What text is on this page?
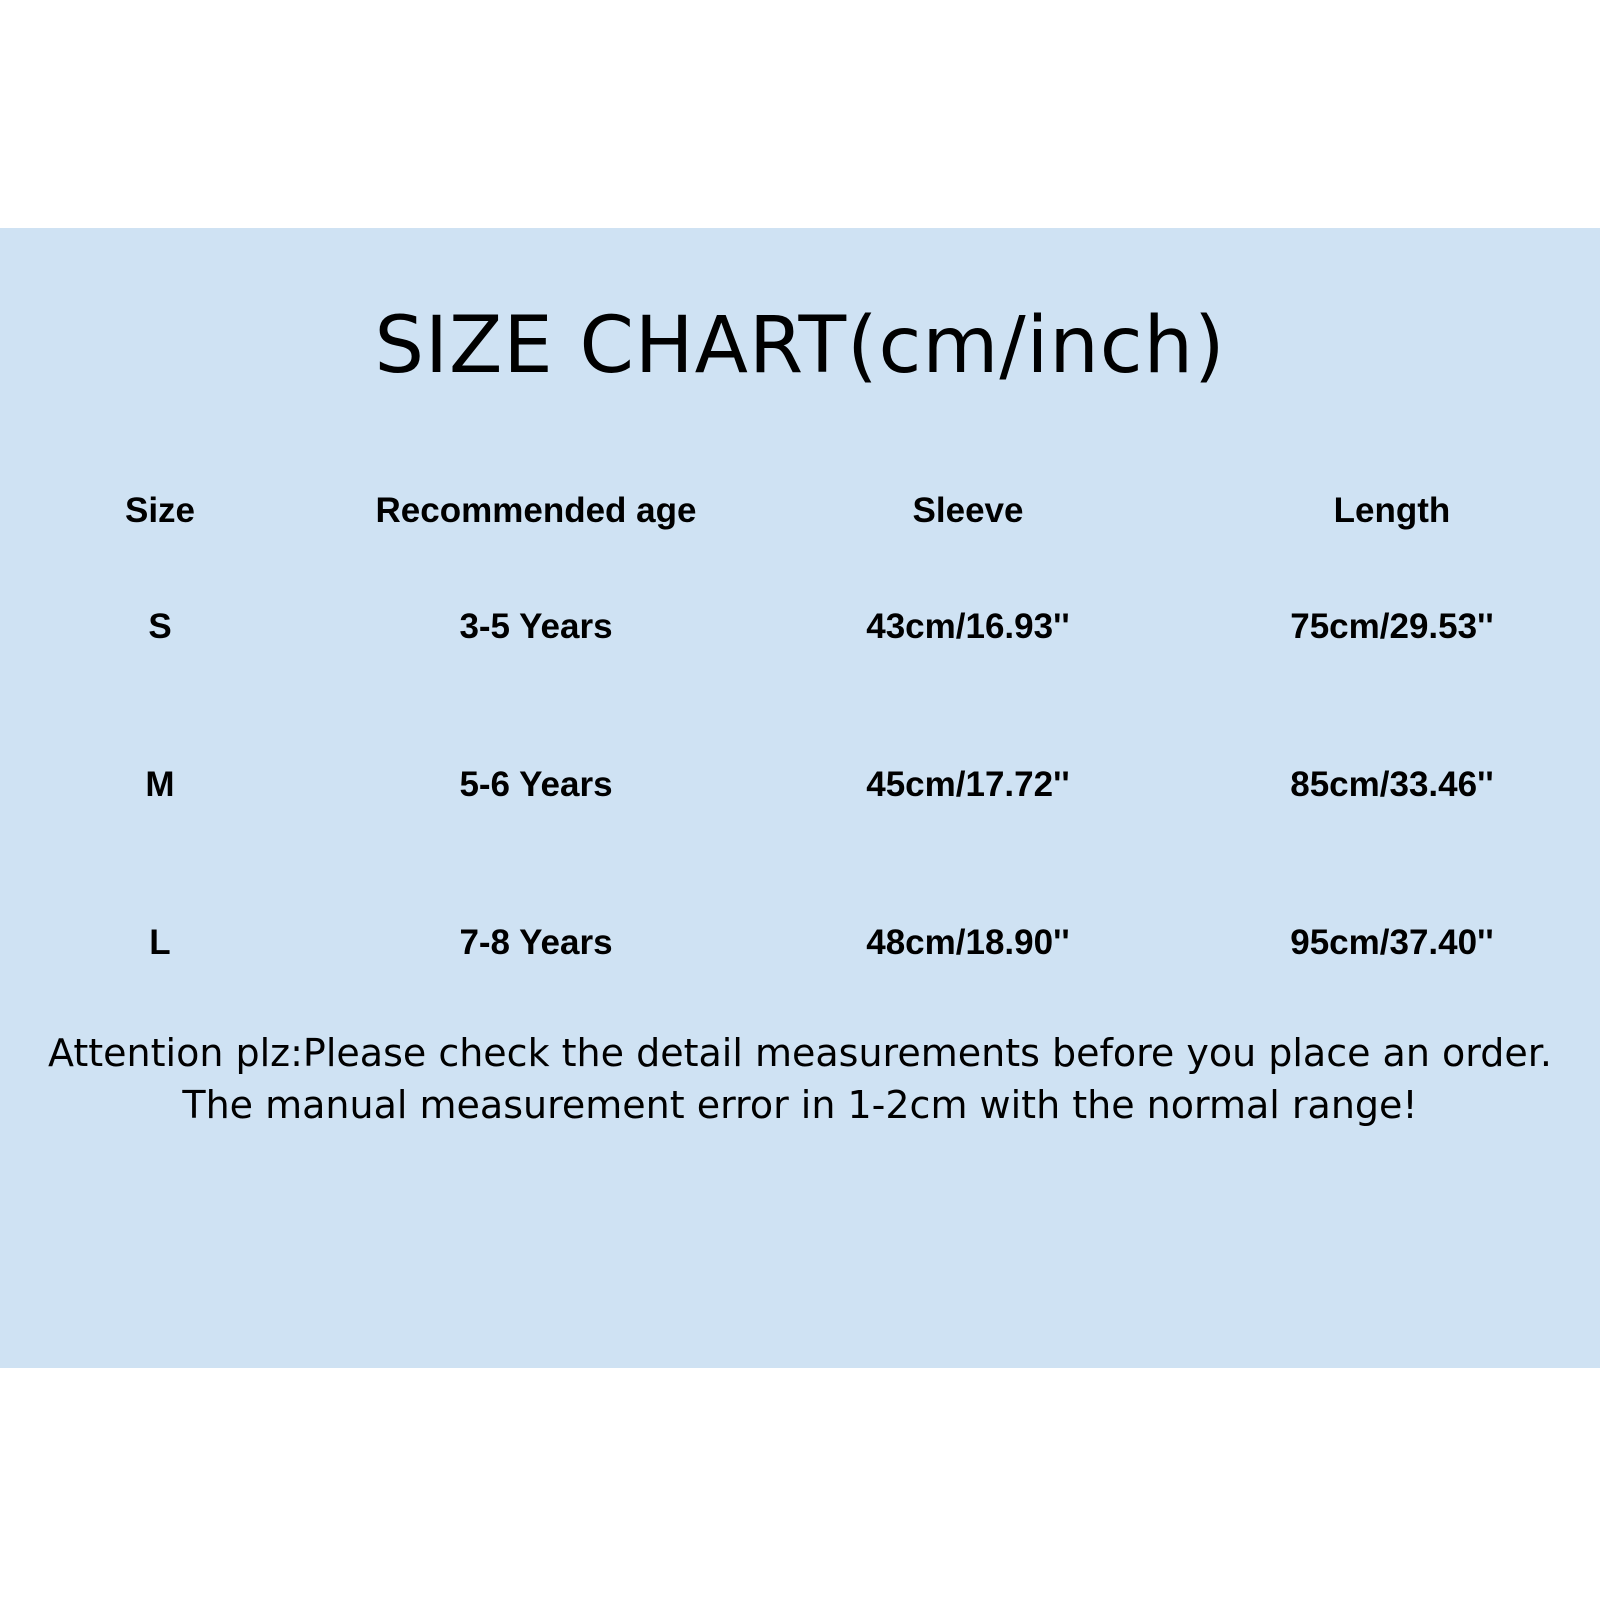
SIZE CHART(cm/inch)
Size	Recommended age	Sleeve	Length
S	3-5 Years	43cm/16.93''	75cm/29.53''
M	5-6 Years	45cm/17.72''	85cm/33.46''
L	7-8 Years	48cm/18.90''	95cm/37.40''

Attention plz:Please check the detail measurements before you place an order.
The manual measurement error in 1-2cm with the normal range!
